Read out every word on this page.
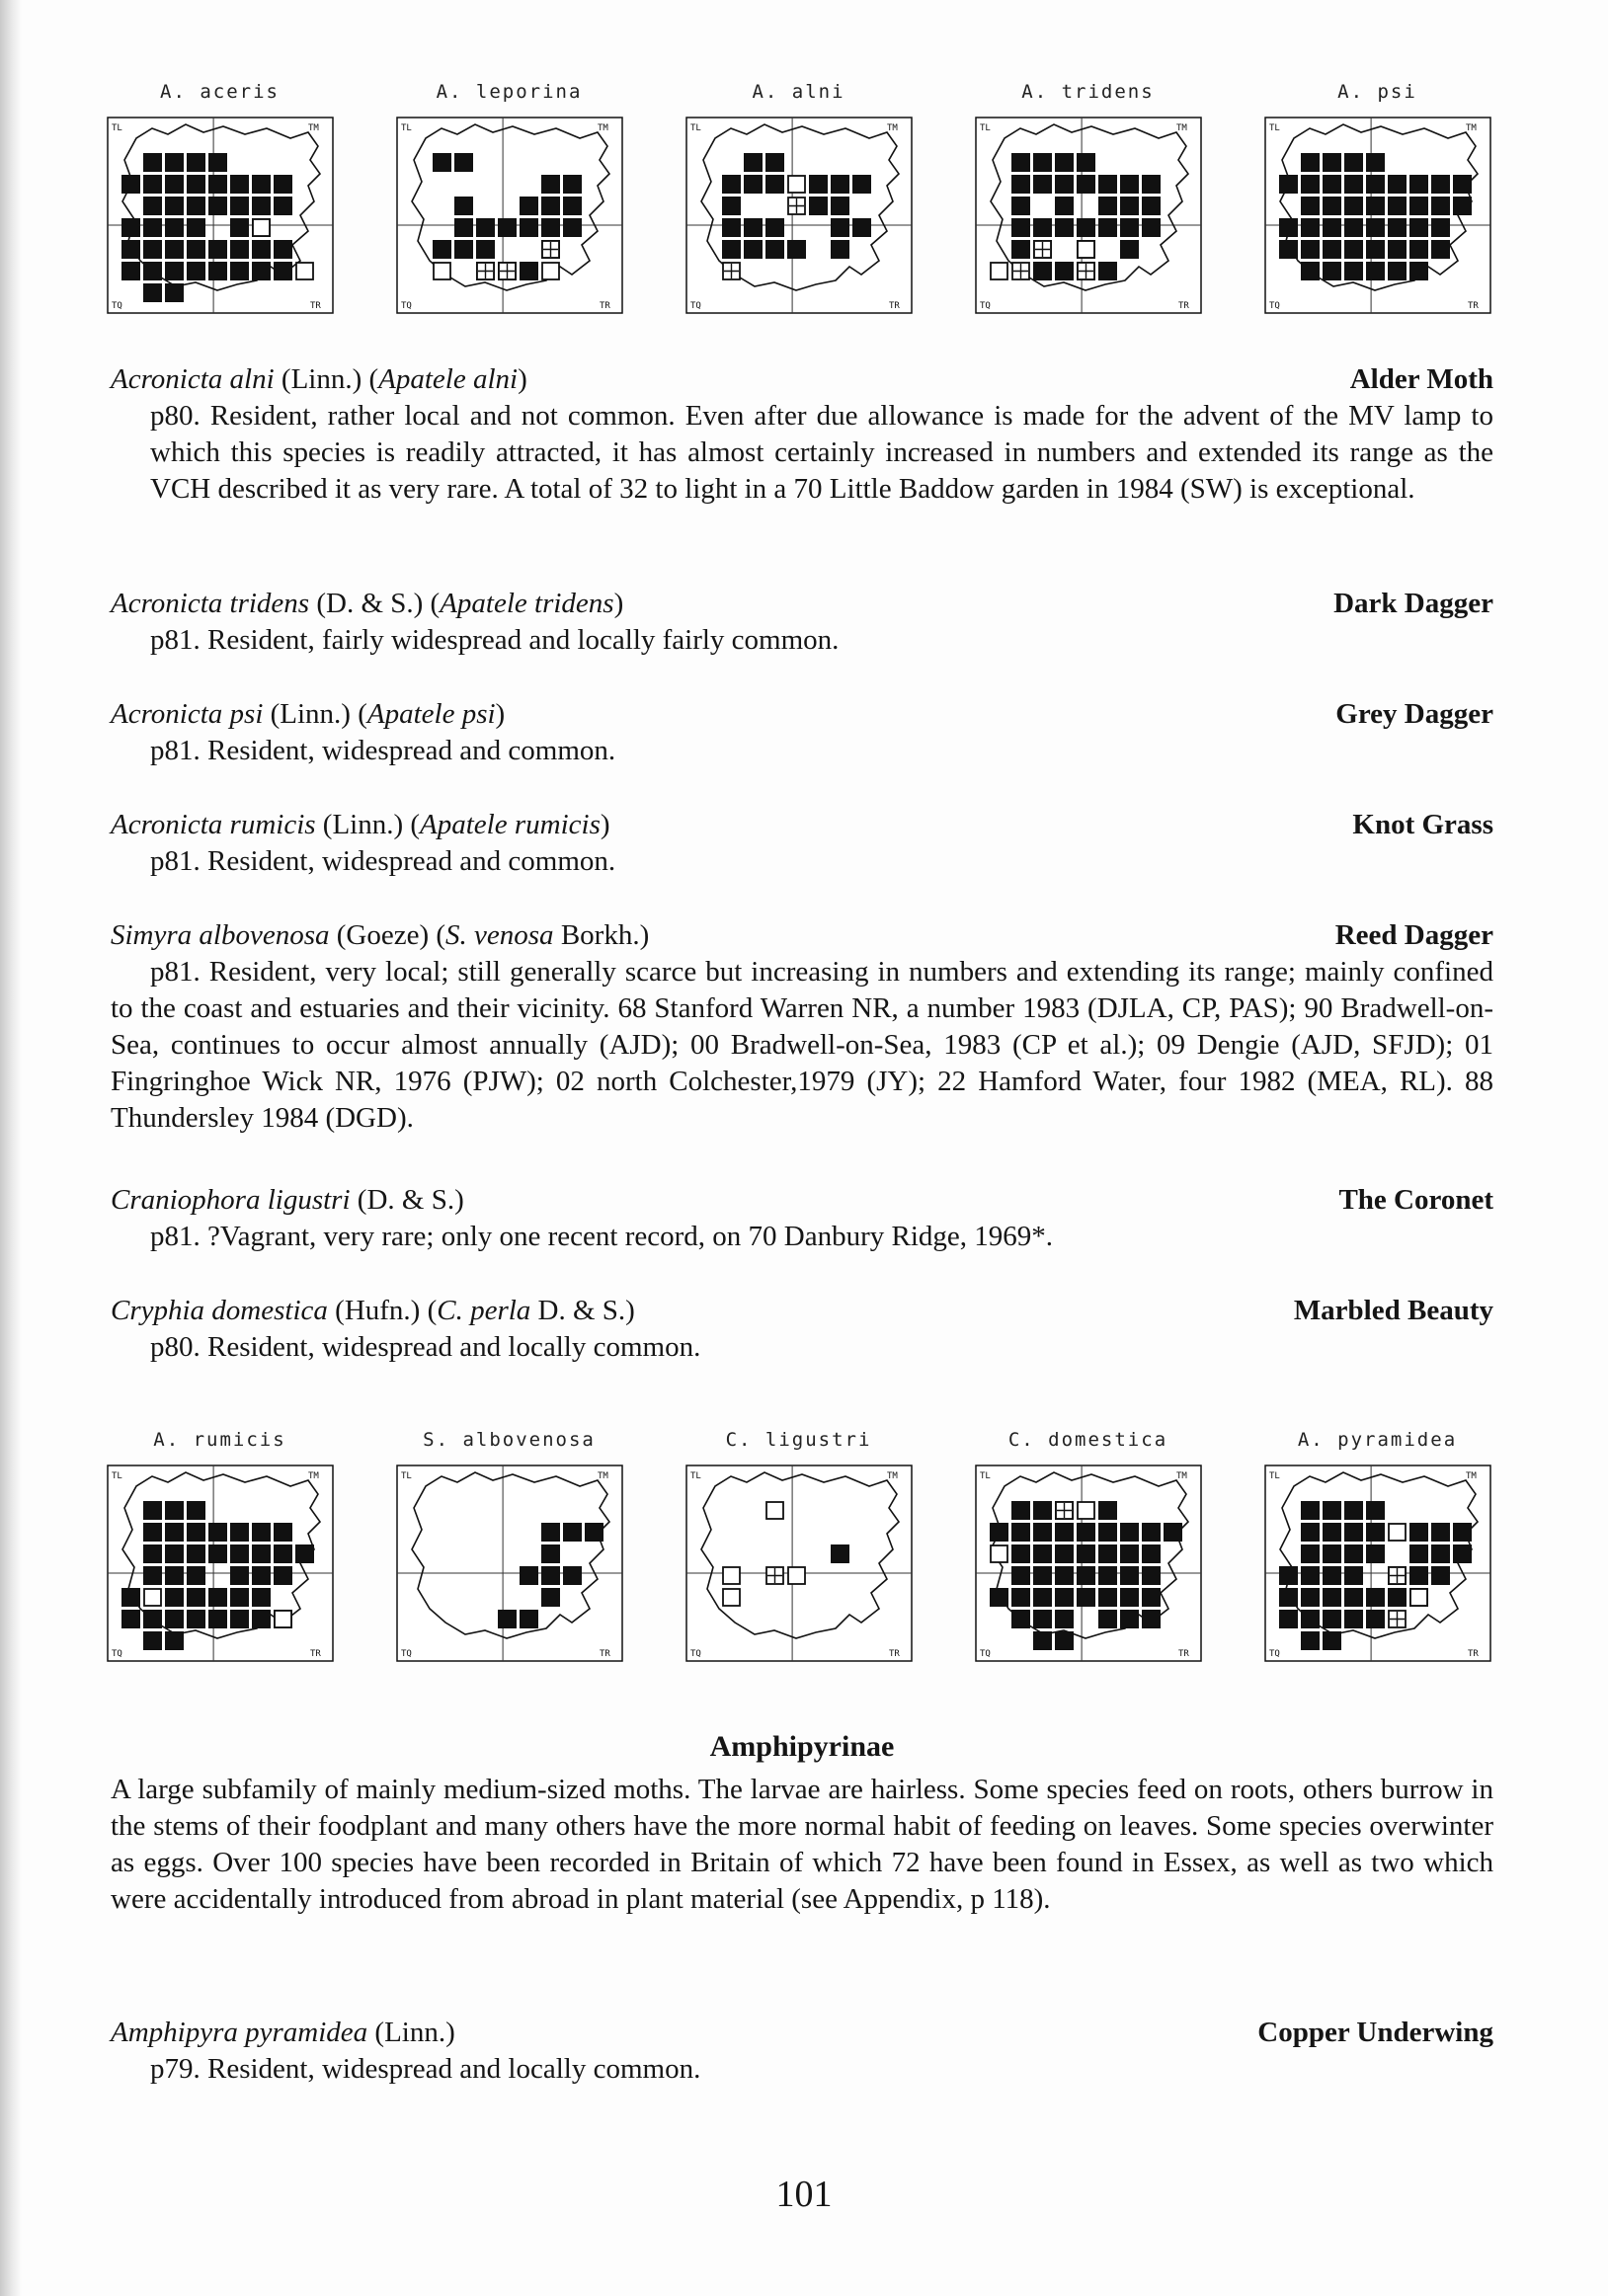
A. aceris
TL	TM
TQ	TR
A. leporina
TL	TM
TQ	TR
A. alni
TL	TM
TQ	TR
A. tridens
TL	TM
TQ	TR
A. psi
TL	TM
TQ	TR
Acronicta alni (Linn.) (Apatele alni)	Alder Moth

p80. Resident, rather local and not common. Even after due allowance is made for the advent of the MV lamp to which this species is readily attracted, it has almost certainly increased in numbers and extended its range as the VCH described it as very rare. A total of 32 to light in a 70 Little Baddow garden in 1984 (SW) is exceptional.

Acronicta tridens (D. & S.) (Apatele tridens)	Dark Dagger

p81. Resident, fairly widespread and locally fairly common.

Acronicta psi (Linn.) (Apatele psi)	Grey Dagger

p81. Resident, widespread and common.

Acronicta rumicis (Linn.) (Apatele rumicis)	Knot Grass

p81. Resident, widespread and common.

Simyra albovenosa (Goeze) (S. venosa Borkh.)	Reed Dagger

p81. Resident, very local; still generally scarce but increasing in numbers and extending its range; mainly confined to the coast and estuaries and their vicinity. 68 Stanford Warren NR, a number 1983 (DJLA, CP, PAS); 90 Bradwell-on-Sea, continues to occur almost annually (AJD); 00 Bradwell-on-Sea, 1983 (CP et al.); 09 Dengie (AJD, SFJD); 01 Fingringhoe Wick NR, 1976 (PJW); 02 north Colchester,1979 (JY); 22 Hamford Water, four 1982 (MEA, RL). 88 Thundersley 1984 (DGD).

Craniophora ligustri (D. & S.)	The Coronet

p81. ?Vagrant, very rare; only one recent record, on 70 Danbury Ridge, 1969*.

Cryphia domestica (Hufn.) (C. perla D. & S.)	Marbled Beauty

p80. Resident, widespread and locally common.

A. rumicis
TL	TM
TQ	TR
S. albovenosa
TL	TM
TQ	TR
C. ligustri
TL	TM
TQ	TR
C. domestica
TL	TM
TQ	TR
A. pyramidea
TL	TM
TQ	TR
Amphipyrinae

A large subfamily of mainly medium-sized moths. The larvae are hairless. Some species feed on roots, others burrow in the stems of their foodplant and many others have the more normal habit of feeding on leaves. Some species overwinter as eggs. Over 100 species have been recorded in Britain of which 72 have been found in Essex, as well as two which were accidentally introduced from abroad in plant material (see Appendix, p 118).

Amphipyra pyramidea (Linn.)	Copper Underwing

p79. Resident, widespread and locally common.

101
